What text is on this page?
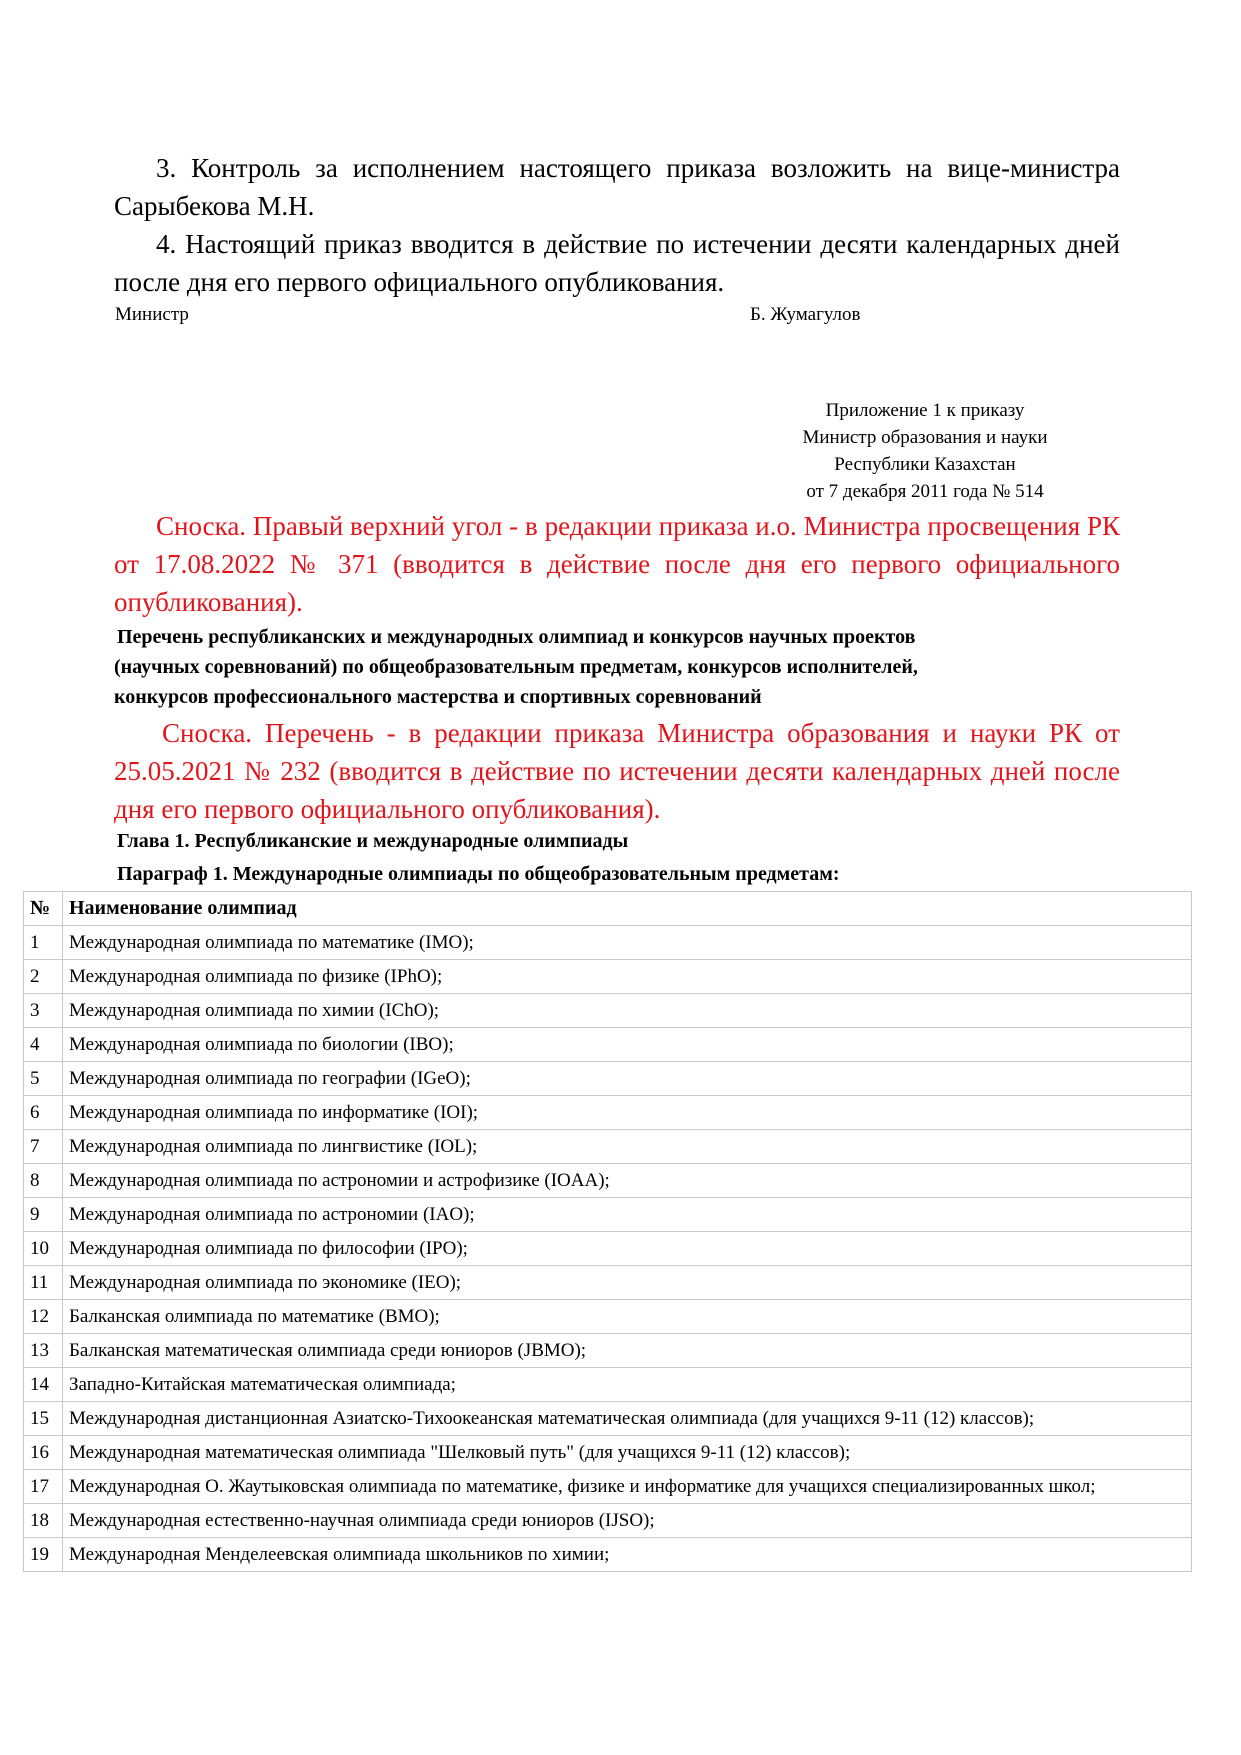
3. Контроль за исполнением настоящего приказа возложить на вице-министра Сарыбекова М.Н.

4. Настоящий приказ вводится в действие по истечении десяти календарных дней после дня его первого официального опубликования.

Министр	Б. Жумагулов
Приложение 1 к приказу
Министр образования и науки
Республики Казахстан
от 7 декабря 2011 года № 514

Сноска. Правый верхний угол - в редакции приказа и.о. Министра просвещения РК от 17.08.2022 № 371 (вводится в действие после дня его первого официального опубликования).

Перечень республиканских и международных олимпиад и конкурсов научных проектов
(научных соревнований) по общеобразовательным предметам, конкурсов исполнителей,
конкурсов профессионального мастерства и спортивных соревнований

Сноска. Перечень - в редакции приказа Министра образования и науки РК от 25.05.2021 № 232 (вводится в действие по истечении десяти календарных дней после дня его первого официального опубликования).

Глава 1. Республиканские и международные олимпиады
Параграф 1. Международные олимпиады по общеобразовательным предметам:
№	Наименование олимпиад
1	Международная олимпиада по математике (IMO);
2	Международная олимпиада по физике (IPhO);
3	Международная олимпиада по химии (IChO);
4	Международная олимпиада по биологии (IBO);
5	Международная олимпиада по географии (IGeO);
6	Международная олимпиада по информатике (IOI);
7	Международная олимпиада по лингвистике (IOL);
8	Международная олимпиада по астрономии и астрофизике (IOAA);
9	Международная олимпиада по астрономии (IAO);
10	Международная олимпиада по философии (IPO);
11	Международная олимпиада по экономике (IEO);
12	Балканская олимпиада по математике (BMO);
13	Балканская математическая олимпиада среди юниоров (JBMO);
14	Западно-Китайская математическая олимпиада;
15	Международная дистанционная Азиатско-Тихоокеанская математическая олимпиада (для учащихся 9-11 (12) классов);
16	Международная математическая олимпиада "Шелковый путь" (для учащихся 9-11 (12) классов);
17	Международная О. Жаутыковская олимпиада по математике, физике и информатике для учащихся специализированных школ;
18	Международная естественно-научная олимпиада среди юниоров (IJSO);
19	Международная Менделеевская олимпиада школьников по химии;
